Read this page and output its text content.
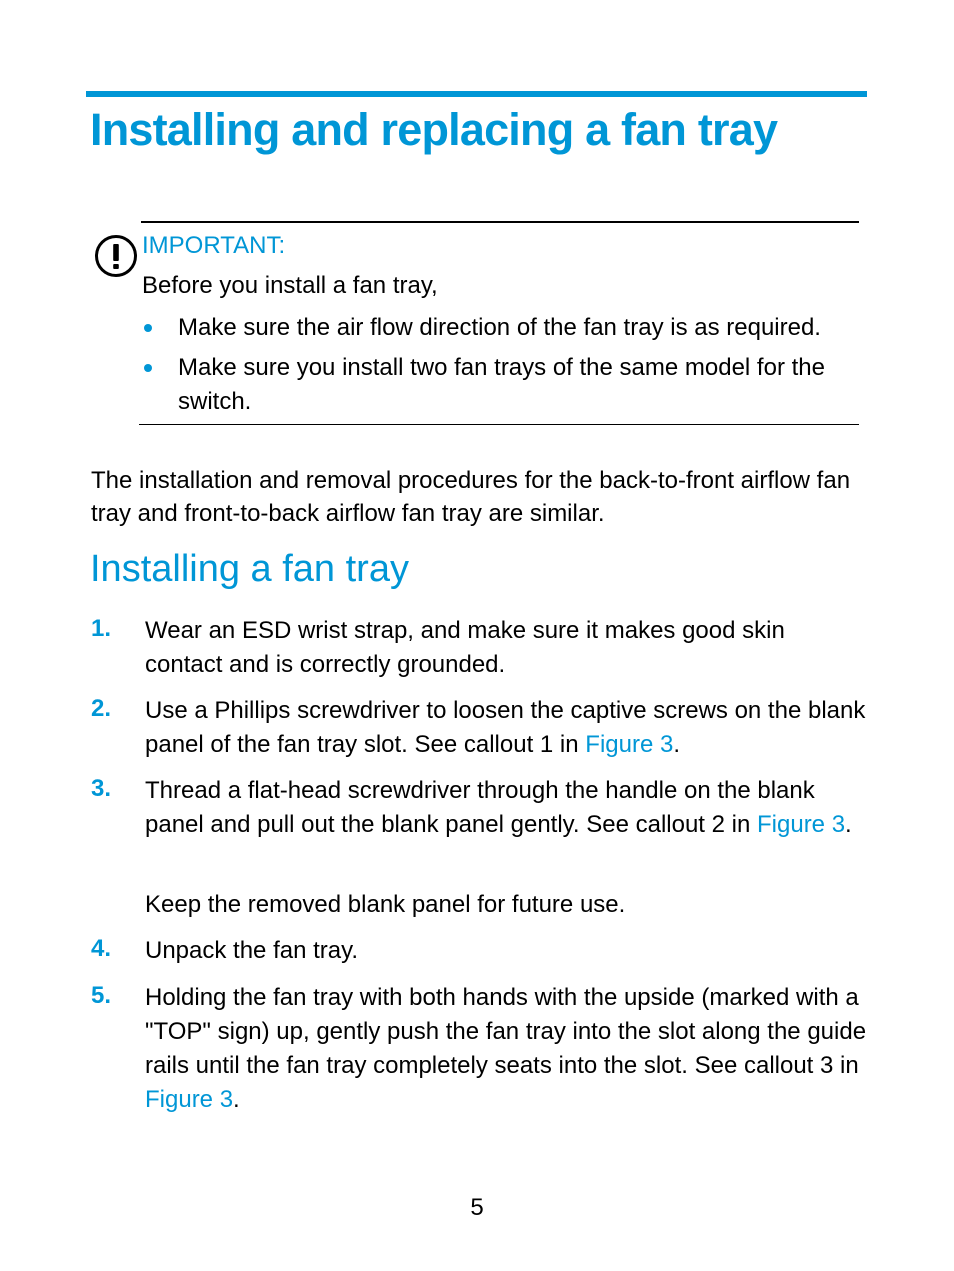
Installing and replacing a fan tray
IMPORTANT:
Before you install a fan tray,
Make sure the air flow direction of the fan tray is as required.
Make sure you install two fan trays of the same model for the switch.

The installation and removal procedures for the back-to-front airflow fan tray and front-to-back airflow fan tray are similar.

Installing a fan tray
1. Wear an ESD wrist strap, and make sure it makes good skin contact and is correctly grounded.
2. Use a Phillips screwdriver to loosen the captive screws on the blank panel of the fan tray slot. See callout 1 in Figure 3.
3. Thread a flat-head screwdriver through the handle on the blank panel and pull out the blank panel gently. See callout 2 in Figure 3.
Keep the removed blank panel for future use.
4. Unpack the fan tray.
5. Holding the fan tray with both hands with the upside (marked with a "TOP" sign) up, gently push the fan tray into the slot along the guide rails until the fan tray completely seats into the slot. See callout 3 in Figure 3.
5
